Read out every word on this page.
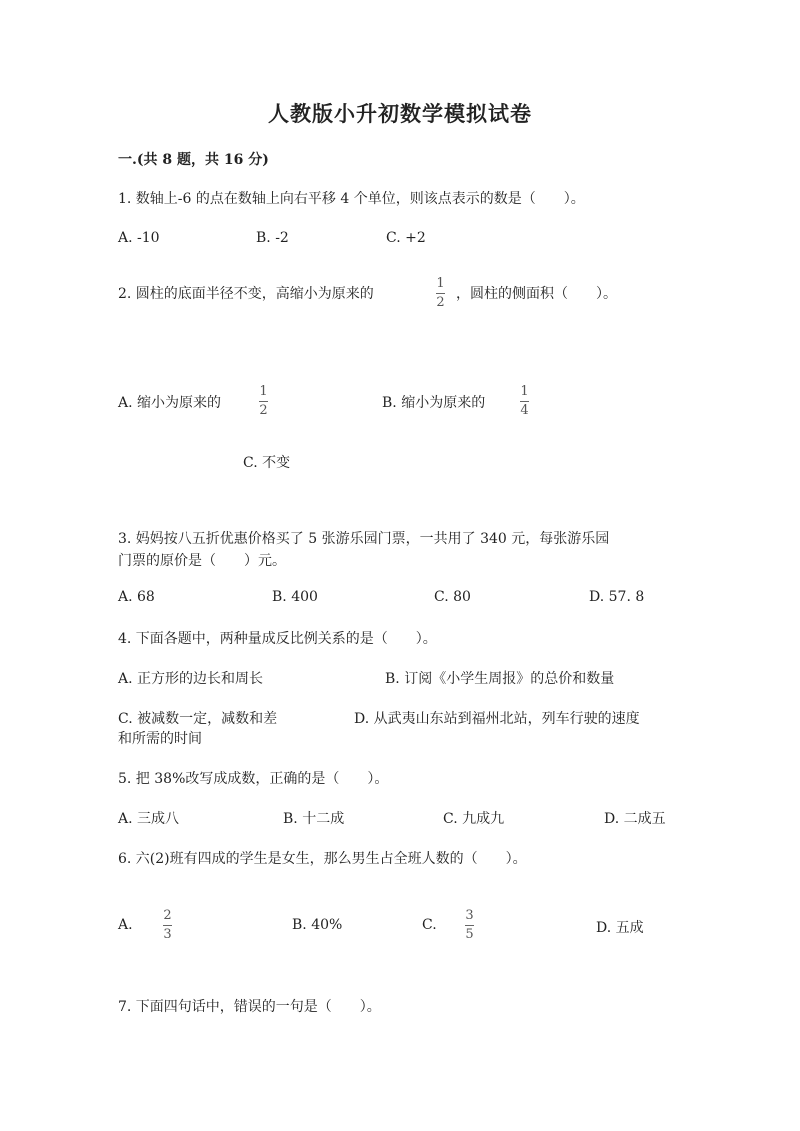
人教版小升初数学模拟试卷
一.(共 8 题，共 16 分)
1. 数轴上-6 的点在数轴上向右平移 4 个单位，则该点表示的数是（　　）。
A. -10	B. -2	C. +2
2. 圆柱的底面半径不变，高缩小为原来的
1
2
，圆柱的侧面积（　　）。
A. 缩小为原来的
1
2	B. 缩小为原来的
1
4
C. 不变
3. 妈妈按八五折优惠价格买了 5 张游乐园门票，一共用了 340 元，每张游乐园
门票的原价是（　　）元。
A. 68	B. 400	C. 80	D. 57. 8
4. 下面各题中，两种量成反比例关系的是（　　）。
A. 正方形的边长和周长	B. 订阅《小学生周报》的总价和数量
C. 被减数一定，减数和差	D. 从武夷山东站到福州北站，列车行驶的速度
和所需的时间
5. 把 38%改写成成数，正确的是（　　）。
A. 三成八	B. 十二成	C. 九成九	D. 二成五
6. 六(2)班有四成的学生是女生，那么男生占全班人数的（　　）。
A.
2
3
B. 40%	C.
3
5	D. 五成
7. 下面四句话中，错误的一句是（　　）。
